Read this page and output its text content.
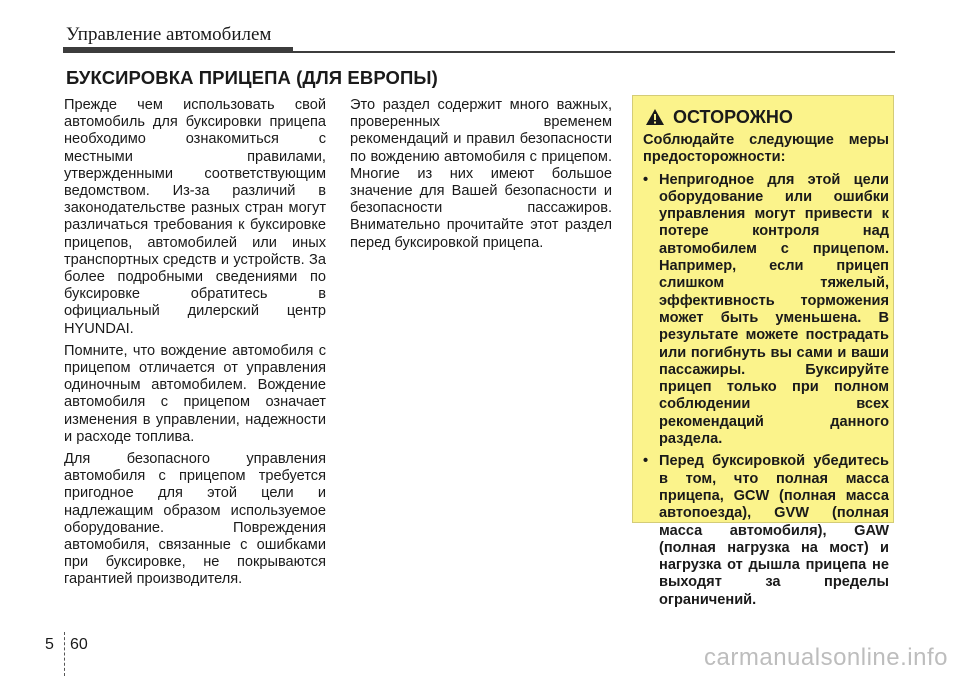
Управление автомобилем
БУКСИРОВКА ПРИЦЕПА (ДЛЯ ЕВРОПЫ)

Прежде чем использовать свой автомобиль для буксировки прицепа необходимо ознакомиться с местными правилами, утвержденными соответствующим ведомством. Из-за различий в законодательстве разных стран могут различаться требования к буксировке прицепов, автомобилей или иных транспортных средств и устройств. За более подробными сведениями по буксировке обратитесь в официальный дилерский центр HYUNDAI.

Помните, что вождение автомобиля с прицепом отличается от управления одиночным автомобилем. Вождение автомобиля с прицепом означает изменения в управлении, надежности и расходе топлива.

Для безопасного управления автомобиля с прицепом требуется пригодное для этой цели и надлежащим образом используемое оборудование. Повреждения автомобиля, связанные с ошибками при буксировке, не покрываются гарантией производителя.

Это раздел содержит много важных, проверенных временем рекомендаций и правил безопасности по вождению автомобиля с прицепом. Многие из них имеют большое значение для Вашей безопасности и безопасности пассажиров. Внимательно прочитайте этот раздел перед буксировкой прицепа.

ОСТОРОЖНО

Соблюдайте следующие меры предосторожности:

• Непригодное для этой цели оборудование или ошибки управления могут привести к потере контроля над автомобилем с прицепом. Например, если прицеп слишком тяжелый, эффективность торможения может быть уменьшена. В результате можете пострадать или погибнуть вы сами и ваши пассажиры. Буксируйте прицеп только при полном соблюдении всех рекомендаций данного раздела.
• Перед буксировкой убедитесь в том, что полная масса прицепа, GCW (полная масса автопоезда), GVW (полная масса автомобиля), GAW (полная нагрузка на мост) и нагрузка от дышла прицепа не выходят за пределы ограничений.
5 60	carmanualsonline.info
